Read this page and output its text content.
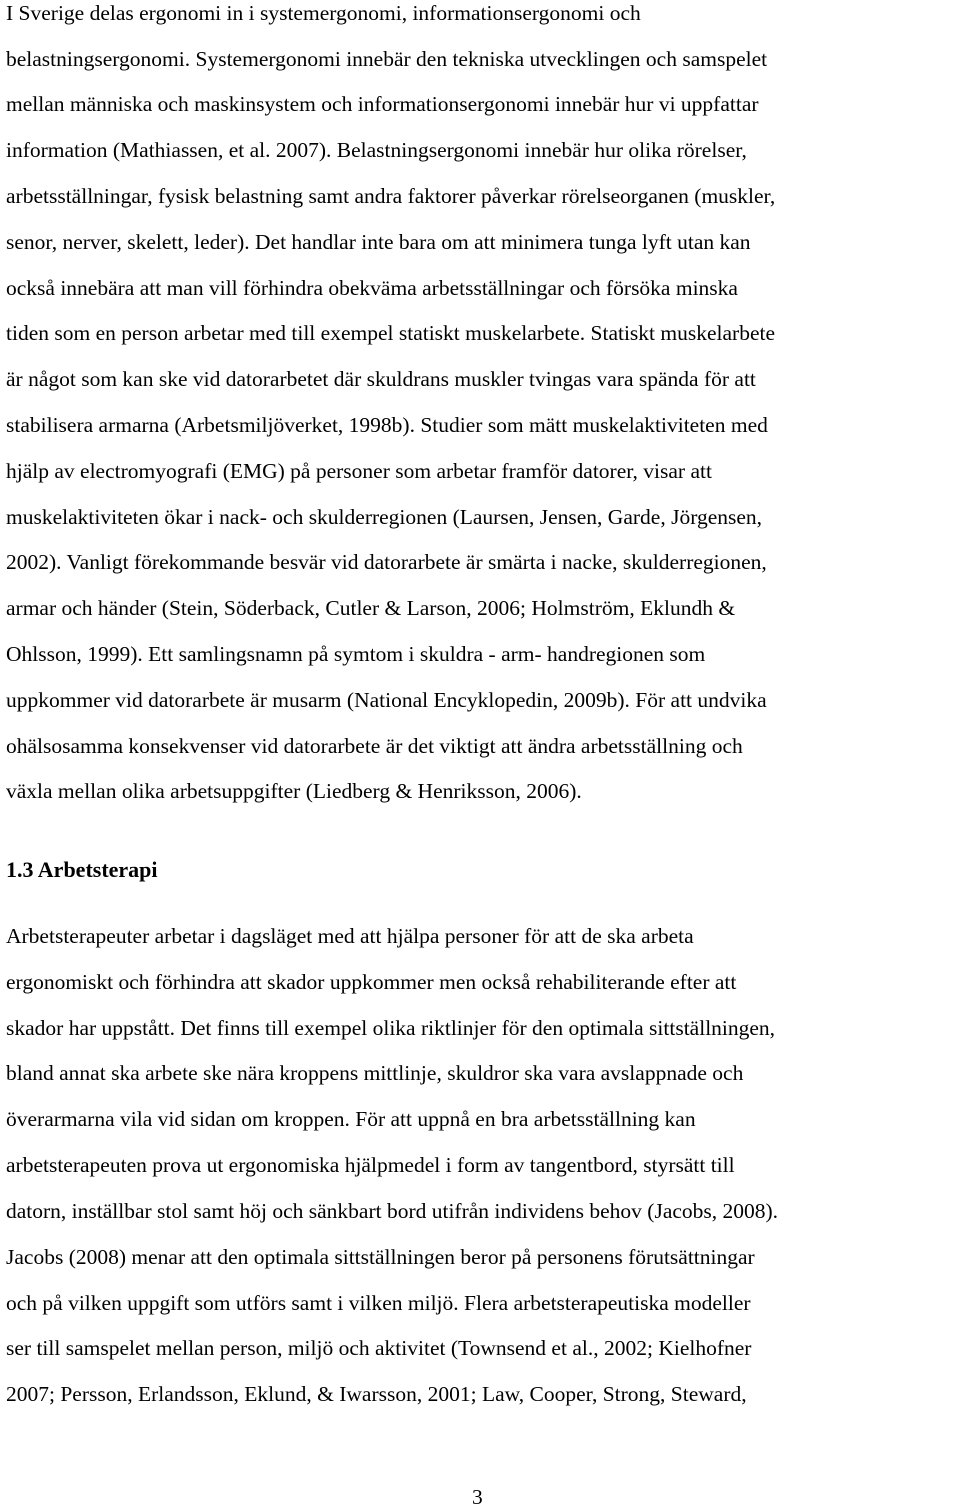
I Sverige delas ergonomi in i systemergonomi, informationsergonomi och
belastningsergonomi. Systemergonomi innebär den tekniska utvecklingen och samspelet
mellan människa och maskinsystem och informationsergonomi innebär hur vi uppfattar
information (Mathiassen, et al. 2007). Belastningsergonomi innebär hur olika rörelser,
arbetsställningar, fysisk belastning samt andra faktorer påverkar rörelseorganen (muskler,
senor, nerver, skelett, leder). Det handlar inte bara om att minimera tunga lyft utan kan
också innebära att man vill förhindra obekväma arbetsställningar och försöka minska
tiden som en person arbetar med till exempel statiskt muskelarbete. Statiskt muskelarbete
är något som kan ske vid datorarbetet där skuldrans muskler tvingas vara spända för att
stabilisera armarna (Arbetsmiljöverket, 1998b). Studier som mätt muskelaktiviteten med
hjälp av electromyografi (EMG) på personer som arbetar framför datorer, visar att
muskelaktiviteten ökar i nack- och skulderregionen (Laursen, Jensen, Garde, Jörgensen,
2002). Vanligt förekommande besvär vid datorarbete är smärta i nacke, skulderregionen,
armar och händer (Stein, Söderback, Cutler & Larson, 2006; Holmström, Eklundh &
Ohlsson, 1999). Ett samlingsnamn på symtom i skuldra - arm- handregionen som
uppkommer vid datorarbete är musarm (National Encyklopedin, 2009b). För att undvika
ohälsosamma konsekvenser vid datorarbete är det viktigt att ändra arbetsställning och
växla mellan olika arbetsuppgifter (Liedberg & Henriksson, 2006).
1.3 Arbetsterapi
Arbetsterapeuter arbetar i dagsläget med att hjälpa personer för att de ska arbeta
ergonomiskt och förhindra att skador uppkommer men också rehabiliterande efter att
skador har uppstått. Det finns till exempel olika riktlinjer för den optimala sittställningen,
bland annat ska arbete ske nära kroppens mittlinje, skuldror ska vara avslappnade och
överarmarna vila vid sidan om kroppen. För att uppnå en bra arbetsställning kan
arbetsterapeuten prova ut ergonomiska hjälpmedel i form av tangentbord, styrsätt till
datorn, inställbar stol samt höj och sänkbart bord utifrån individens behov (Jacobs, 2008).
Jacobs (2008) menar att den optimala sittställningen beror på personens förutsättningar
och på vilken uppgift som utförs samt i vilken miljö. Flera arbetsterapeutiska modeller
ser till samspelet mellan person, miljö och aktivitet (Townsend et al., 2002; Kielhofner
2007; Persson, Erlandsson, Eklund, & Iwarsson, 2001; Law, Cooper, Strong, Steward,
3
